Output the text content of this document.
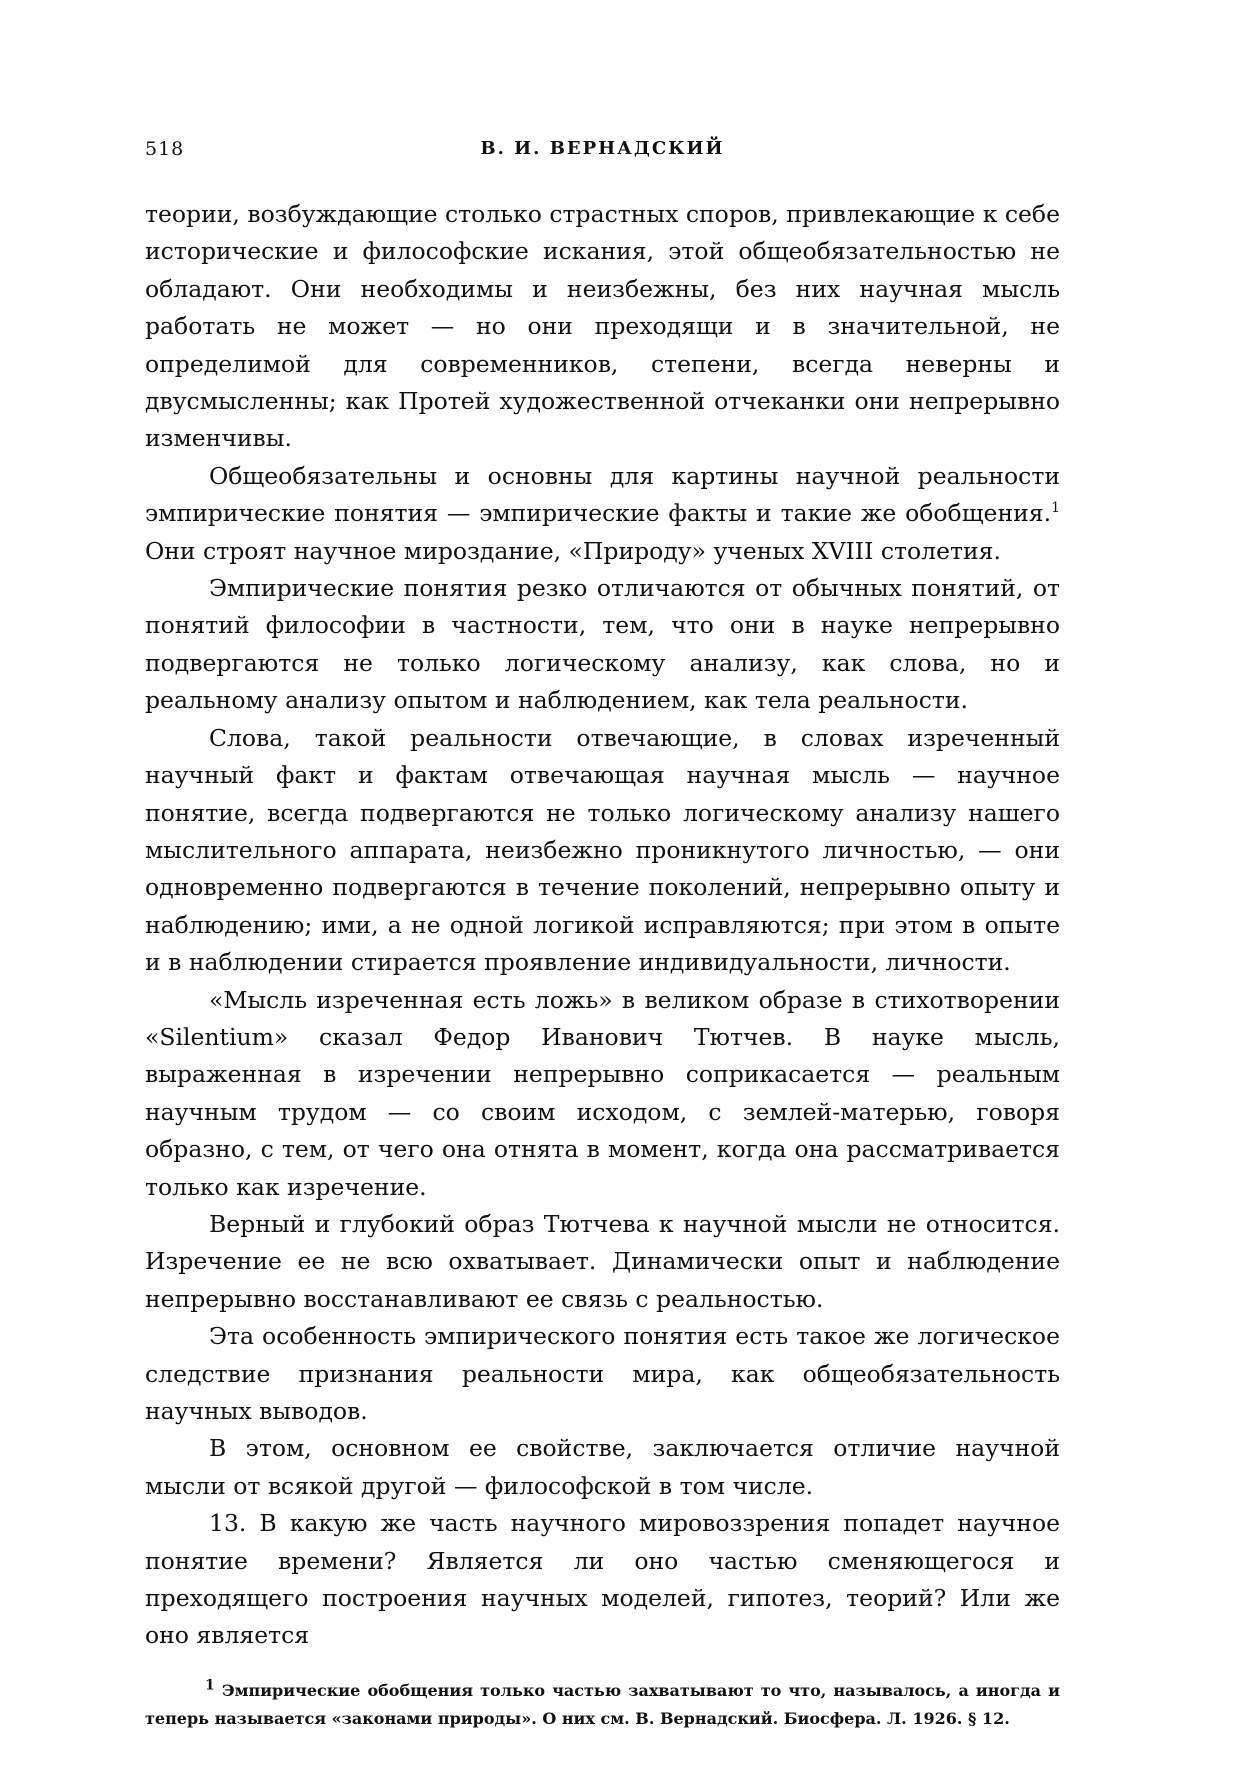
518	В. И. ВЕРНАДСКИЙ

теории, возбуждающие столько страстных споров, привлекающие к себе исторические и философские искания, этой общеобязательностью не обладают. Они необходимы и неизбежны, без них научная мысль работать не может — но они преходящи и в значительной, не определимой для современников, степени, всегда неверны и двусмысленны; как Протей художественной отчеканки они непрерывно изменчивы.

Общеобязательны и основны для картины научной реальности эмпирические понятия — эмпирические факты и такие же обобщения.$^1$ Они строят научное мироздание, «Природу» ученых XVIII столетия.

Эмпирические понятия резко отличаются от обычных понятий, от понятий философии в частности, тем, что они в науке непрерывно подвергаются не только логическому анализу, как слова, но и реальному анализу опытом и наблюдением, как тела реальности.

Слова, такой реальности отвечающие, в словах изреченный научный факт и фактам отвечающая научная мысль — научное понятие, всегда подвергаются не только логическому анализу нашего мыслительного аппарата, неизбежно проникнутого личностью, — они одновременно подвергаются в течение поколений, непрерывно опыту и наблюдению; ими, а не одной логикой исправляются; при этом в опыте и в наблюдении стирается проявление индивидуальности, личности.

«Мысль изреченная есть ложь» в великом образе в стихотворении «Silentium» сказал Федор Иванович Тютчев. В науке мысль, выраженная в изречении непрерывно соприкасается — реальным научным трудом — со своим исходом, с землей-матерью, говоря образно, с тем, от чего она отнята в момент, когда она рассматривается только как изречение.

Верный и глубокий образ Тютчева к научной мысли не относится. Изречение ее не всю охватывает. Динамически опыт и наблюдение непрерывно восстанавливают ее связь с реальностью.

Эта особенность эмпирического понятия есть такое же логическое следствие признания реальности мира, как общеобязательность научных выводов.

В этом, основном ее свойстве, заключается отличие научной мысли от всякой другой — философской в том числе.

13. В какую же часть научного мировоззрения попадет научное понятие времени? Является ли оно частью сменяющегося и преходящего построения научных моделей, гипотез, теорий? Или же оно является

$^1$ Эмпирические обобщения только частью захватывают то что, называлось, а иногда и теперь называется «законами природы». О них см. В. Вернадский. Биосфера. Л. 1926. § 12.
